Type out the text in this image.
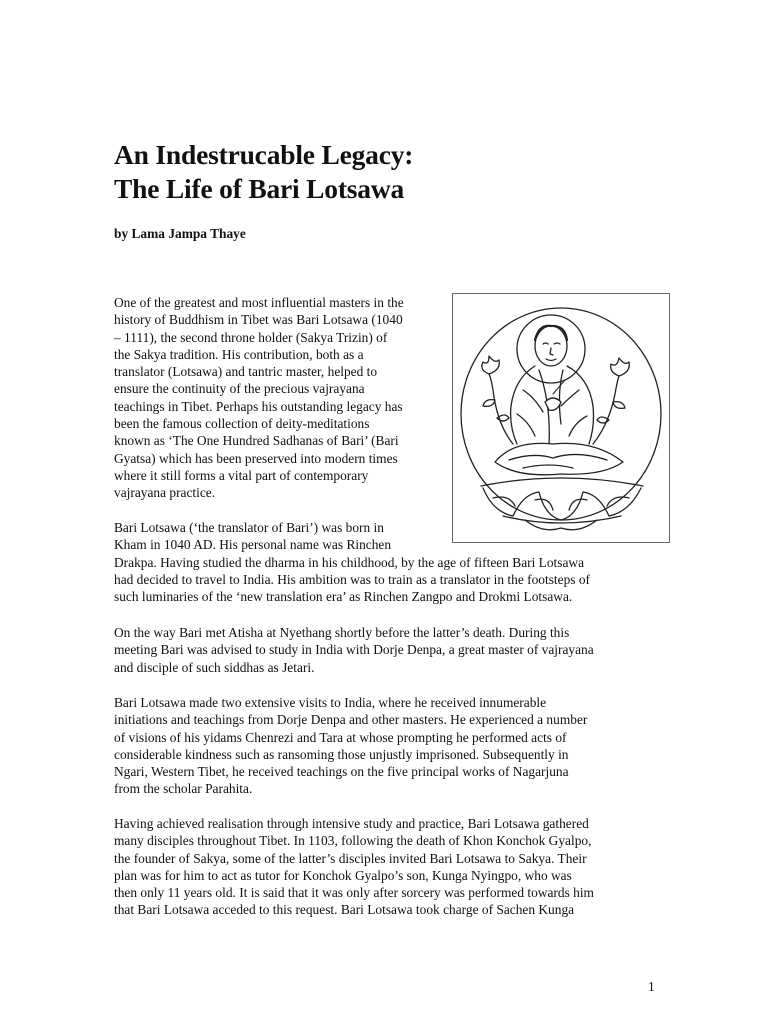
An Indestrucable Legacy:
The Life of Bari Lotsawa

by Lama Jampa Thaye

One of the greatest and most influential masters in the
history of Buddhism in Tibet was Bari Lotsawa (1040
– 1111), the second throne holder (Sakya Trizin) of
the Sakya tradition. His contribution, both as a
translator (Lotsawa) and tantric master, helped to
ensure the continuity of the precious vajrayana
teachings in Tibet. Perhaps his outstanding legacy has
been the famous collection of deity-meditations
known as ‘The One Hundred Sadhanas of Bari’ (Bari
Gyatsa) which has been preserved into modern times
where it still forms a vital part of contemporary
vajrayana practice.
Bari Lotsawa (‘the translator of Bari’) was born in
Kham in 1040 AD. His personal name was Rinchen
Drakpa. Having studied the dharma in his childhood, by the age of fifteen Bari Lotsawa
had decided to travel to India. His ambition was to train as a translator in the footsteps of
such luminaries of the ‘new translation era’ as Rinchen Zangpo and Drokmi Lotsawa.
On the way Bari met Atisha at Nyethang shortly before the latter’s death. During this
meeting Bari was advised to study in India with Dorje Denpa, a great master of vajrayana
and disciple of such siddhas as Jetari.
Bari Lotsawa made two extensive visits to India, where he received innumerable
initiations and teachings from Dorje Denpa and other masters. He experienced a number
of visions of his yidams Chenrezi and Tara at whose prompting he performed acts of
considerable kindness such as ransoming those unjustly imprisoned. Subsequently in
Ngari, Western Tibet, he received teachings on the five principal works of Nagarjuna
from the scholar Parahita.
Having achieved realisation through intensive study and practice, Bari Lotsawa gathered
many disciples throughout Tibet. In 1103, following the death of Khon Konchok Gyalpo,
the founder of Sakya, some of the latter’s disciples invited Bari Lotsawa to Sakya. Their
plan was for him to act as tutor for Konchok Gyalpo’s son, Kunga Nyingpo, who was
then only 11 years old. It is said that it was only after sorcery was performed towards him
that Bari Lotsawa acceded to this request. Bari Lotsawa took charge of Sachen Kunga

1
